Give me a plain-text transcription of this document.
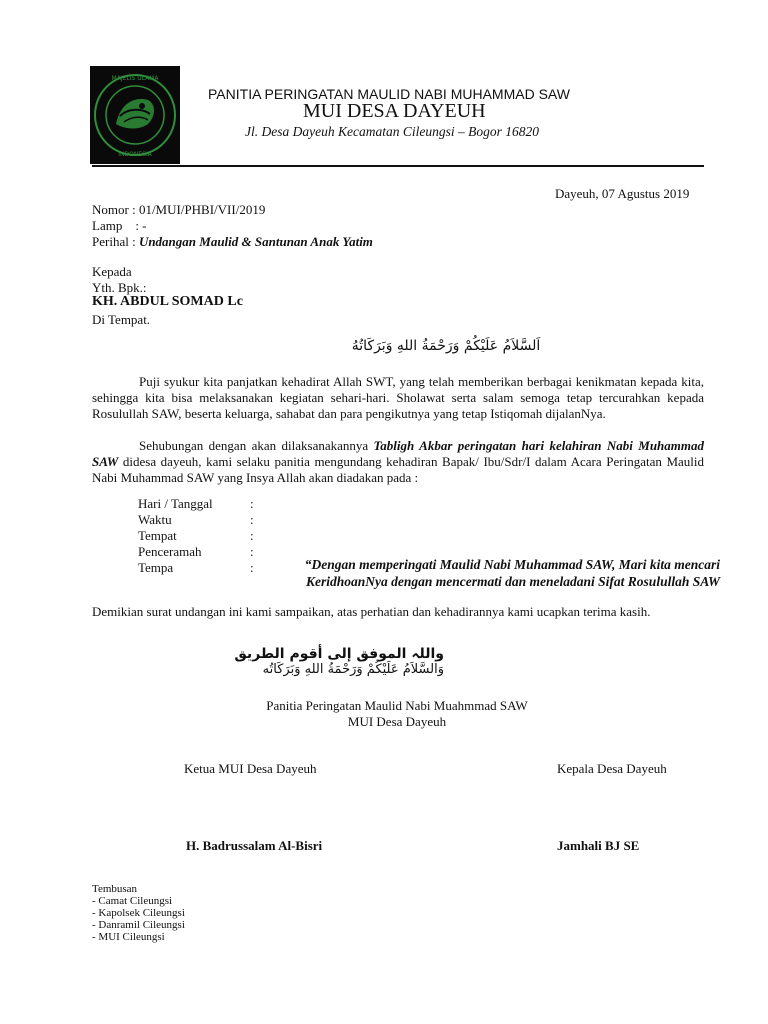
MAJELIS ULAMA
INDONESIA
PANITIA PERINGATAN MAULID NABI MUHAMMAD SAW
MUI DESA DAYEUH
Jl. Desa Dayeuh Kecamatan Cileungsi – Bogor 16820
Dayeuh, 07 Agustus 2019
Nomor : 01/MUI/PHBI/VII/2019
Lamp    : -
Perihal : Undangan Maulid & Santunan Anak Yatim
Kepada
Yth. Bpk.:
KH. ABDUL SOMAD Lc
Di Tempat.
اَلسَّلاَمُ عَلَيْكُمْ وَرَحْمَةُ اللهِ وَبَرَكَاتُهُ
Puji syukur kita panjatkan kehadirat Allah SWT, yang telah memberikan berbagai kenikmatan kepada kita, sehingga kita bisa melaksanakan kegiatan sehari-hari. Sholawat serta salam semoga tetap tercurahkan kepada Rosulullah SAW, beserta keluarga, sahabat dan para pengikutnya yang tetap Istiqomah dijalanNya.
Sehubungan dengan akan dilaksanakannya Tabligh Akbar peringatan hari kelahiran Nabi Muhammad SAW didesa dayeuh, kami selaku panitia mengundang kehadiran Bapak/ Ibu/Sdr/I dalam Acara Peringatan Maulid Nabi Muhammad SAW yang Insya Allah akan diadakan pada :
Hari / Tanggal	:
Waktu	:
Tempat	:
Penceramah	:
Tempa	:	“Dengan memperingati Maulid Nabi Muhammad SAW, Mari kita mencari
KeridhoanNya dengan mencermati dan meneladani Sifat Rosulullah SAW
Demikian surat undangan ini kami sampaikan, atas perhatian dan kehadirannya kami ucapkan terima kasih.
واللہ الموفق إلى أقوم الطريق
وَالسَّلاَمُ عَلَيْكُمْ وَرَحْمَةُ اللهِ وَبَرَكَاتُه
Panitia Peringatan Maulid Nabi Muahmmad SAW
MUI Desa Dayeuh
Ketua MUI Desa Dayeuh	Kepala Desa Dayeuh
H. Badrussalam Al-Bisri	Jamhali BJ SE
Tembusan
- Camat Cileungsi
- Kapolsek Cileungsi
- Danramil Cileungsi
- MUI Cileungsi
